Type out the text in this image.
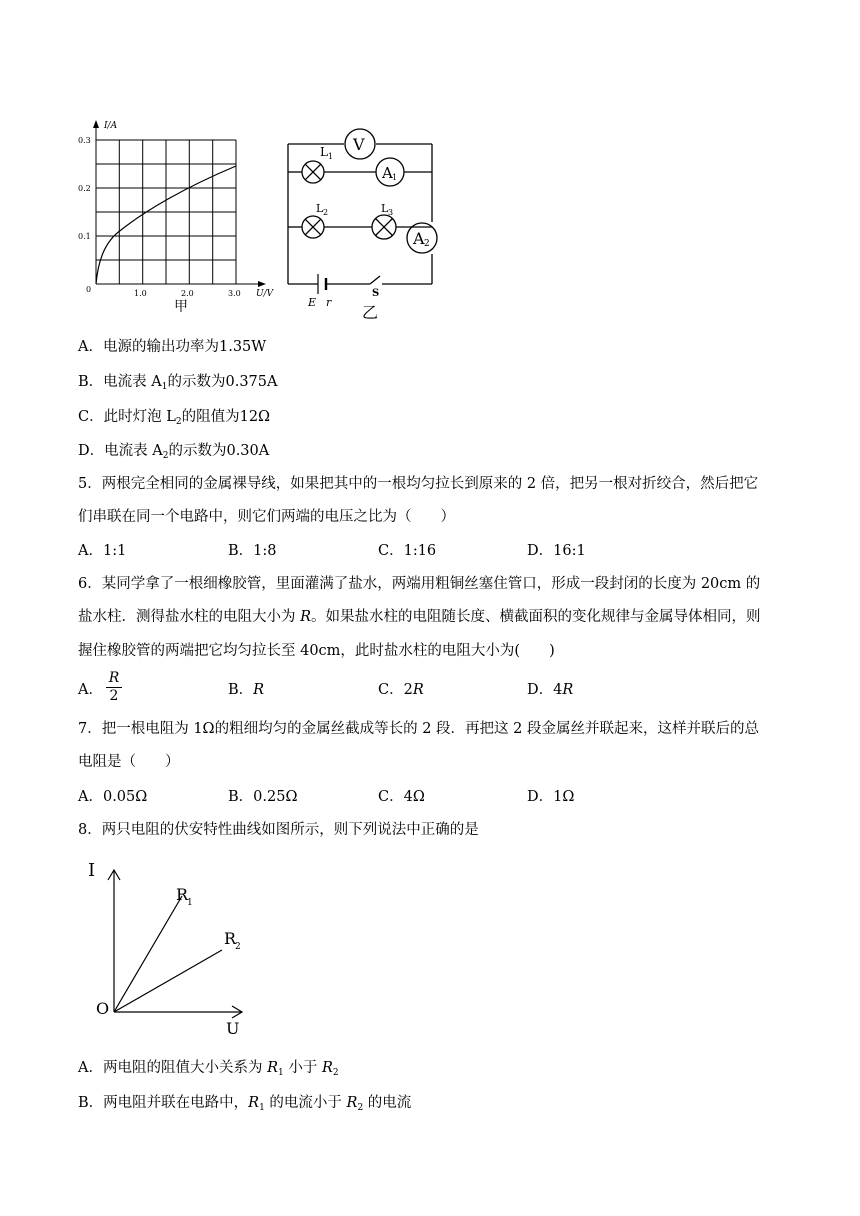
I/A
0.3
0.2
0.1
0	1.0	2.0	3.0 U/V
甲
V
L 1
A 1
L 2	L 3
A 2
E r
S
乙
A．电源的输出功率为1.35W
B．电流表 $A_1$的示数为0.375A
C．此时灯泡 $L_2$的阻值为12Ω
D．电流表 $A_2$的示数为0.30A
5．两根完全相同的金属裸导线，如果把其中的一根均匀拉长到原来的 2 倍，把另一根对折绞合，然后把它
们串联在同一个电路中，则它们两端的电压之比为（　　）
A．1:1	B．1:8	C．1:16	D．16:1
6．某同学拿了一根细橡胶管，里面灌满了盐水，两端用粗铜丝塞住管口，形成一段封闭的长度为 20cm 的
盐水柱．测得盐水柱的电阻大小为 R。如果盐水柱的电阻随长度、横截面积的变化规律与金属导体相同，则
握住橡胶管的两端把它均匀拉长至 40cm，此时盐水柱的电阻大小为(　　)
A． $\frac{R}{2}$	B．R	C．2R	D．4R
7．把一根电阻为 1Ω的粗细均匀的金属丝截成等长的 2 段．再把这 2 段金属丝并联起来，这样并联后的总
电阻是（　　）
A．0.05Ω	B．0.25Ω	C．4Ω	D．1Ω
8．两只电阻的伏安特性曲线如图所示，则下列说法中正确的是
I
O
U
R
1
R
2
A．两电阻的阻值大小关系为 $R_1$ 小于 $R_2$
B．两电阻并联在电路中，$R_1$ 的电流小于 $R_2$ 的电流
